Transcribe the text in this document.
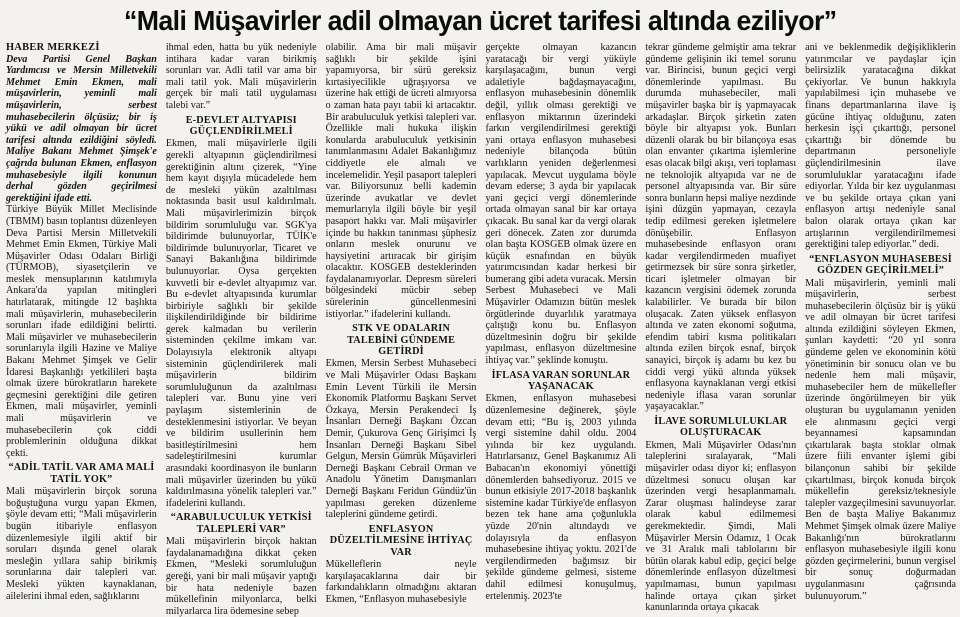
“Mali Müşavirler adil olmayan ücret tarifesi altında eziliyor”

HABER MERKEZİ

Deva Partisi Genel Başkan Yardımcısı ve Mersin Milletvekili Mehmet Emin Ekmen, mali müşavirlerin, yeminli mali müşavirlerin, serbest muhasebecilerin ölçüsüz; bir iş yükü ve adil olmayan bir ücret tarifesi altında ezildiğini söyledi. Maliye Bakanı Mehmet Şimşek'e çağrıda bulunan Ekmen, enflasyon muhasebesiyle ilgili konunun derhal gözden geçirilmesi gerektiğini ifade etti.

Türkiye Büyük Millet Meclisinde (TBMM) basın toplantısı düzenleyen Deva Partisi Mersin Milletvekili Mehmet Emin Ekmen, Türkiye Mali Müşavirler Odası Odaları Birliği (TÜRMOB), siyasetçilerin ve meslek mensuplarının katılımıyla Ankara'da yapılan mitingleri hatırlatarak, mitingde 12 başlıkta mali müşavirlerin, muhasebecilerin sorunları ifade edildiğini belirtti. Mali müşavirler ve muhasebecilerin sorunlarıyla ilgili Hazine ve Maliye Bakanı Mehmet Şimşek ve Gelir İdaresi Başkanlığı yetkilileri başta olmak üzere bürokratların harekete geçmesini gerektiğini dile getiren Ekmen, mali müşavirler, yeminli mali müşavirlerin ve muhasebecilerin çok ciddi problemlerinin olduğuna dikkat çekti.

“ADİL TATİL VAR AMA MALİ TATİL YOK”

Mali müşavirlerin birçok soruna boğuştuğuna vurgu yapan Ekmen, şöyle devam etti; “Mali müşavirlerin bugün itibariyle enflasyon düzenlemesiyle ilgili aktif bir soruları dışında genel olarak mesleğin yıllara sahip birikmiş sorunlarına dair talepleri var. Mesleki yükten kaynaklanan, ailelerini ihmal eden, sağlıklarını

ihmal eden, hatta bu yük nedeniyle intihara kadar varan birikmiş sorunları var. Adli tatil var ama bir mali tatil yok. Mali müşavirlerin gerçek bir mali tatil uygulaması talebi var.”

E-DEVLET ALTYAPISI GÜÇLENDİRİLMELİ

Ekmen, mali müşavirlerle ilgili gerekli altyapının güçlendirilmesi gerektiğinin altını çizerek, “Yine hem kayıt dışıyla mücadelede hem de mesleki yükün azaltılması noktasında basit usul kaldırılmalı. Mali müşavirlerimizin birçok bildirim sorumluluğu var. SGK'ya bildirimde bulunuyorlar, TÜİK'e bildirimde bulunuyorlar, Ticaret ve Sanayi Bakanlığına bildirimde bulunuyorlar. Oysa gerçekten kuvvetli bir e-devlet altyapımız var. Bu e-devlet altyapısında kurumlar birbiriyle sağlıklı bir şekilde ilişkilendirildiğinde bir bildirime gerek kalmadan bu verilerin sisteminden çekilme imkanı var. Dolayısıyla elektronik altyapı sisteminin güçlendirilerek mali müşavirlerin bildirim sorumluluğunun da azaltılması talepleri var. Bunu yine veri paylaşım sistemlerinin de desteklenmesini istiyorlar. Ve beyan ve bildirim usullerinin hem basitleştirilmesini hem sadeleştirilmesini kurumlar arasındaki koordinasyon ile bunların mali müşavirler üzerinden bu yükü kaldırılmasına yönelik talepleri var.” ifadelerini kullandı.

“ARABULUCULUK YETKİSİ TALEPLERİ VAR”

Mali müşavirlerin birçok haktan faydalanamadığına dikkat çeken Ekmen, “Mesleki sorumluluğun gereği, yani bir mali müşavir yaptığı bir hata nedeniyle bazen mükellefinin milyonlarca, belki milyarlarca lira ödemesine sebep

olabilir. Ama bir mali müşavir sağlıklı bir şekilde işini yapamıyorsa, bir sürü gereksiz kırtasiyecilikle uğraşıyorsa ve üzerine hak ettiği de ücreti almıyorsa o zaman hata payı tabii ki artacaktır. Bir arabuluculuk yetkisi talepleri var. Özellikle mali hukuka ilişkin konularda arabuluculuk yetkisinin tanımlanmasını Adalet Bakanlığımız ciddiyetle ele almalı ve incelemelidir. Yeşil pasaport talepleri var. Biliyorsunuz belli kademin üzerinde avukatlar ve devlet memurlarıyla ilgili böyle bir yeşil pasaport hakkı var. Mali müşavirler içinde bu hakkın tanınması şüphesiz onların meslek onurunu ve haysiyetini artıracak bir girişim olacaktır. KOSGEB desteklerinden faydalanamıyorlar. Depresm süreleri bölgesindeki mücbir sebep sürelerinin güncellenmesini istiyorlar.” ifadelerini kullandı.

STK VE ODALARIN TALEBİNİ GÜNDEME GETİRDİ

Ekmen, Mersin Serbest Muhasebeci ve Mali Müşavirler Odası Başkanı Emin Levent Türkili ile Mersin Ekonomik Platformu Başkanı Servet Özkaya, Mersin Perakendeci İş İnsanları Derneği Başkanı Özcan Demir, Çukurova Genç Girişimci İş İnsanları Derneği Başkanı Sibel Gelgun, Mersin Gümrük Müşavirleri Derneği Başkanı Cebrail Orman ve Anadolu Yönetim Danışmanları Derneği Başkanı Feridun Gündüz'ün yapılması gereken düzenleme taleplerini gündeme getirdi.

ENFLASYON DÜZELTİLMESİNE İHTİYAÇ VAR

Mükelleflerin neyle karşılaşacaklarına dair bir farkındalıkların olmadığını aktaran Ekmen, “Enflasyon muhasebesiyle

gerçekte olmayan kazancın yaratacağı bir vergi yüküyle karşılaşacağını, bunun vergi adaletiyle bağdaşmayacağını, enflasyon muhasebesinin dönemlik değil, yıllık olması gerektiği ve enflasyon miktarının üzerindeki farkın vergilendirilmesi gerektiği yani ortaya enflasyon muhasebesi nedeniyle bilançoda bütün varlıkların yeniden değerlenmesi yapılacak. Mevcut uygulama böyle devam ederse; 3 ayda bir yapılacak yani geçici vergi dönemlerinde ortada olmayan sanal bir kar ortaya çıkacak. Bu sanal kar da vergi olarak geri dönecek. Zaten zor durumda olan başta KOSGEB olmak üzere en küçük esnafından en büyük yatırımcısından kadar herkesi bir bumerang gibi adeta vuracak. Mersin Serbest Muhasebeci ve Mali Müşavirler Odamızın bütün meslek örgütlerinde duyarlılık yaratmaya çalıştığı konu bu. Enflasyon düzeltmesinin doğru bir şekilde yapılması, enflasyon düzeltmesine ihtiyaç var.” şeklinde konuştu.

İFLASA VARAN SORUNLAR YAŞANACAK

Ekmen, enflasyon muhasebesi düzenlemesine değinerek, şöyle devam etti; “Bu iş, 2003 yılında vergi sistemine dahil oldu. 2004 yılında bir kez uygulandı. Hatırlarsanız, Genel Başkanımız Ali Babacan'ın ekonomiyi yönettiği dönemlerden bahsediyoruz. 2015 ve bunun etkisiyle 2017-2018 başkanlık sistemine kadar Türkiye'de enflasyon bezen tek hane ama çoğunlukla yüzde 20'nin altındaydı ve dolayısıyla da enflasyon muhasebesine ihtiyaç yoktu. 2021'de vergilendirmeden bağımsız bir şekilde gündeme gelmesi, sisteme dahil edilmesi konuşulmuş, ertelenmiş. 2023'te

tekrar gündeme gelmiştir ama tekrar gündeme gelişinin iki temel sorunu var. Birincisi, bunun geçici vergi dönemlerinde yapılması. Bu durumda muhasebeciler, mali müşavirler başka bir iş yapmayacak arkadaşlar. Birçok şirketin zaten böyle bir altyapısı yok. Bunları düzenli olarak bu bir bilançoya esas olan envanter çıkartma işlemlerine esas olacak bilgi akışı, veri toplaması ne teknolojik altyapıda var ne de personel altyapısında var. Bir süre sonra bunların hepsi maliye nezdinde işini düzgün yapmayan, cezayla tedip edilmesi gereken işletmelere dönüşebilir. Enflasyon muhasebesinde enflasyon oranı kadar vergilendirmeden muafiyet getirmezsek bir süre sonra şirketler, ticari işletmeler olmayan bir kazancın vergisini ödemek zorunda kalabilirler. Ve burada bir bilon oluşacak. Zaten yüksek enflasyon altında ve zaten ekonomi soğutma, efendim tabiri kısma politikaları altında ezilen birçok esnaf, birçok sanayici, birçok iş adamı bu kez bu ciddi vergi yükü altında yüksek enflasyona kaynaklanan vergi etkisi nedeniyle iflasa varan sorunlar yaşayacaklar.”

İLAVE SORUMLULUKLAR OLUŞTURACAK

Ekmen, Mali Müşavirler Odası'nın taleplerini sıralayarak, “Mali müşavirler odası diyor ki; enflasyon düzeltmesi sonucu oluşan kar üzerinden vergi hesaplanmamalı. Zarar oluşması halindeyse zarar olarak kabul edilmemesi gerekmektedir. Şimdi, Mali Müşavirler Mersin Odamız, 1 Ocak ve 31 Aralık mali tablolarını bir bütün olarak kabul edip, geçici belge dönemlerinde enflasyon düzeltmesi yapılmaması, bunun yapılması halinde ortaya çıkan şirket kanunlarında ortaya çıkacak

ani ve beklenmedik değişikliklerin yatırımcılar ve paydaşlar için belirsizlik yaratacağına dikkat çekiyorlar. Ve bunun hakkıyla yapılabilmesi için muhasebe ve finans departmanlarına ilave iş gücüne ihtiyaç olduğunu, zaten herkesin işçi çıkarttığı, personel çıkarttığı bir dönemde bu departmanın personeliyle güçlendirilmesinin ilave sorumluluklar yaratacağını ifade ediyorlar. Yılda bir kez uygulanması ve bu şekilde ortaya çıkan yani enflasyon artışı nedeniyle sanal balon olarak ortaya çıkan kar artışlarının vergilendirilmemesi gerektiğini talep ediyorlar.” dedi.

“ENFLASYON MUHASEBESİ GÖZDEN GEÇİRİLMELİ”

Mali müşavirlerin, yeminli mali müşavirlerin, serbest muhasebecilerin ölçüsüz bir iş yükü ve adil olmayan bir ücret tarifesi altında ezildiğini söyleyen Ekmen, şunları kaydetti: “20 yıl sonra gündeme gelen ve ekonominin kötü yönetiminin bir sonucu olan ve bu nedenle hem mali müşavir, muhasebeciler hem de mükellefler üzerinde öngörülmeyen bir yük oluşturan bu uygulamanın yeniden ele alınmasını geçici vergi beyannamesi kapsamından çıkartılarak başta stoklar olmak üzere fiili envanter işlemi gibi bilançonun sahibi bir şekilde çıkartılması, birçok konuda birçok mükellefin gereksiz/teknesiyle talepler vazgeçilmesini savunuyorlar. Ben de başta Maliye Bakanımız Mehmet Şimşek olmak üzere Maliye Bakanlığı'nın bürokratlarını enflasyon muhasebesiyle ilgili konu gözden geçirmelerini, bunun vergisel bir sonuç doğurmadan uygulanmasını çağrısında bulunuyorum.”
